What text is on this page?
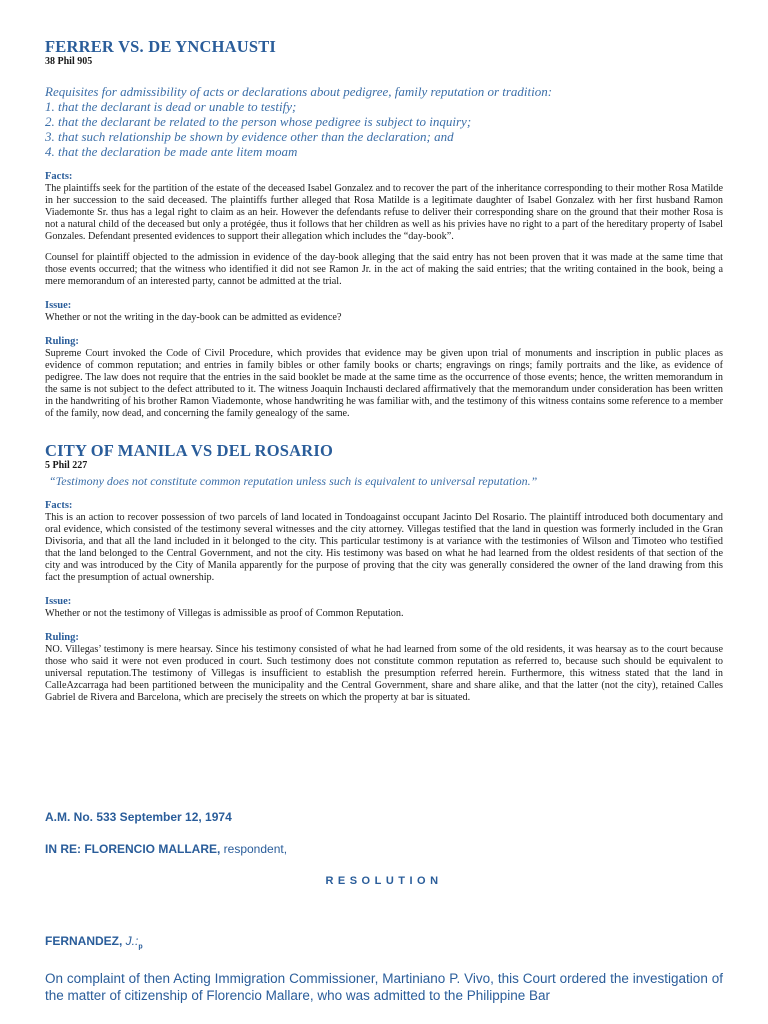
FERRER VS. DE YNCHAUSTI
38 Phil 905
Requisites for admissibility of acts or declarations about pedigree, family reputation or tradition:
1. that the declarant is dead or unable to testify;
2. that the declarant be related to the person whose pedigree is subject to inquiry;
3. that such relationship be shown by evidence other than the declaration; and
4. that the declaration be made ante litem moam
Facts:

The plaintiffs seek for the partition of the estate of the deceased Isabel Gonzalez and to recover the part of the inheritance corresponding to their mother Rosa Matilde in her succession to the said deceased. The plaintiffs further alleged that Rosa Matilde is a legitimate daughter of Isabel Gonzalez with her first husband Ramon Viademonte Sr. thus has a legal right to claim as an heir. However the defendants refuse to deliver their corresponding share on the ground that their mother Rosa is not a natural child of the deceased but only a protégée, thus it follows that her children as well as his privies have no right to a part of the hereditary property of Isabel Gonzales. Defendant presented evidences to support their allegation which includes the “day-book”.

Counsel for plaintiff objected to the admission in evidence of the day-book alleging that the said entry has not been proven that it was made at the same time that those events occurred; that the witness who identified it did not see Ramon Jr. in the act of making the said entries; that the writing contained in the book, being a mere memorandum of an interested party, cannot be admitted at the trial.

Issue:

Whether or not the writing in the day-book can be admitted as evidence?

Ruling:

Supreme Court invoked the Code of Civil Procedure, which provides that evidence may be given upon trial of monuments and inscription in public places as evidence of common reputation; and entries in family bibles or other family books or charts; engravings on rings; family portraits and the like, as evidence of pedigree. The law does not require that the entries in the said booklet be made at the same time as the occurrence of those events; hence, the written memorandum in the same is not subject to the defect attributed to it. The witness Joaquin Inchausti declared affirmatively that the memorandum under consideration has been written in the handwriting of his brother Ramon Viademonte, whose handwriting he was familiar with, and the testimony of this witness contains some reference to a member of the family, now dead, and concerning the family genealogy of the same.

CITY OF MANILA VS DEL ROSARIO
5 Phil 227
“Testimony does not constitute common reputation unless such is equivalent to universal reputation.”
Facts:

This is an action to recover possession of two parcels of land located in Tondoagainst occupant Jacinto Del Rosario. The plaintiff introduced both documentary and oral evidence, which consisted of the testimony several witnesses and the city attorney. Villegas testified that the land in question was formerly included in the Gran Divisoria, and that all the land included in it belonged to the city. This particular testimony is at variance with the testimonies of Wilson and Timoteo who testified that the land belonged to the Central Government, and not the city. His testimony was based on what he had learned from the oldest residents of that section of the city and was introduced by the City of Manila apparently for the purpose of proving that the city was generally considered the owner of the land drawing from this fact the presumption of actual ownership.

Issue:

Whether or not the testimony of Villegas is admissible as proof of Common Reputation.

Ruling:

NO. Villegas’ testimony is mere hearsay. Since his testimony consisted of what he had learned from some of the old residents, it was hearsay as to the court because those who said it were not even produced in court. Such testimony does not constitute common reputation as referred to, because such should be equivalent to universal reputation.The testimony of Villegas is insufficient to establish the presumption referred herein. Furthermore, this witness stated that the land in CalleAzcarraga had been partitioned between the municipality and the Central Government, share and share alike, and that the latter (not the city), retained Calles Gabriel de Rivera and Barcelona, which are precisely the streets on which the property at bar is situated.

A.M. No. 533 September 12, 1974
IN RE: FLORENCIO MALLARE, respondent,
RESOLUTION
FERNANDEZ, $J.:_p$

On complaint of then Acting Immigration Commissioner, Martiniano P. Vivo, this Court ordered the investigation of the matter of citizenship of Florencio Mallare, who was admitted to the Philippine Bar
